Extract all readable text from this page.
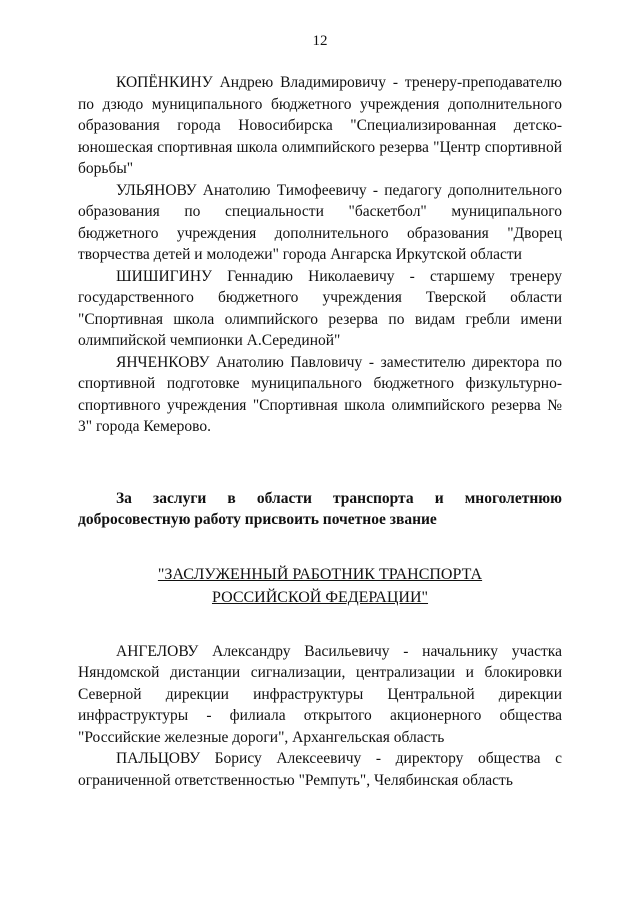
12

КОПЁНКИНУ Андрею Владимировичу - тренеру-преподавателю по дзюдо муниципального бюджетного учреждения дополнительного образования города Новосибирска "Специализированная детско-юношеская спортивная школа олимпийского резерва "Центр спортивной борьбы"

УЛЬЯНОВУ Анатолию Тимофеевичу - педагогу дополнительного образования по специальности "баскетбол" муниципального бюджетного учреждения дополнительного образования "Дворец творчества детей и молодежи" города Ангарска Иркутской области

ШИШИГИНУ Геннадию Николаевичу - старшему тренеру государственного бюджетного учреждения Тверской области "Спортивная школа олимпийского резерва по видам гребли имени олимпийской чемпионки А.Серединой"

ЯНЧЕНКОВУ Анатолию Павловичу - заместителю директора по спортивной подготовке муниципального бюджетного физкультурно-спортивного учреждения "Спортивная школа олимпийского резерва № 3" города Кемерово.

За заслуги в области транспорта и многолетнюю добросовестную работу присвоить почетное звание

"ЗАСЛУЖЕННЫЙ РАБОТНИК ТРАНСПОРТА
РОССИЙСКОЙ ФЕДЕРАЦИИ"

АНГЕЛОВУ Александру Васильевичу - начальнику участка Няндомской дистанции сигнализации, централизации и блокировки Северной дирекции инфраструктуры Центральной дирекции инфраструктуры - филиала открытого акционерного общества "Российские железные дороги", Архангельская область

ПАЛЬЦОВУ Борису Алексеевичу - директору общества с ограниченной ответственностью "Ремпуть", Челябинская область
